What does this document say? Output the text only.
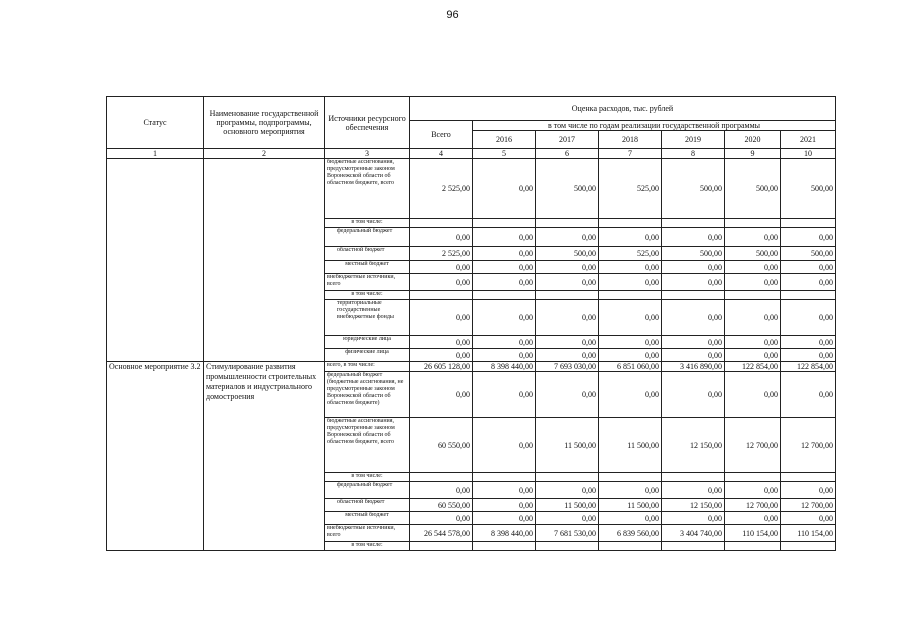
96
Статус	Наименование государственной программы, подпрограммы, основного мероприятия	Источники ресурсного обеспечения	Оценка расходов, тыс. рублей						
			Всего	в том числе по годам реализации государственной программы					
				2016	2017	2018	2019	2020	2021
1	2	3	4	5	6	7	8	9	10
		бюджетные ассигнования, предусмотренные законом Воронежской области об областном бюджете, всего	2 525,00	0,00	500,00	525,00	500,00	500,00	500,00
		в том числе:							
		федеральный бюджет	0,00	0,00	0,00	0,00	0,00	0,00	0,00
		областной бюджет	2 525,00	0,00	500,00	525,00	500,00	500,00	500,00
		местный бюджет	0,00	0,00	0,00	0,00	0,00	0,00	0,00
		внебюджетные источники, всего	0,00	0,00	0,00	0,00	0,00	0,00	0,00
		в том числе:							
		территориальные государственные внебюджетные фонды	0,00	0,00	0,00	0,00	0,00	0,00	0,00
		юридические лица	0,00	0,00	0,00	0,00	0,00	0,00	0,00
		физические лица	0,00	0,00	0,00	0,00	0,00	0,00	0,00
Основное мероприятие 3.2	Стимулирование развития промышленности строительных материалов и индустриального домостроения	всего, в том числе:	26 605 128,00	8 398 440,00	7 693 030,00	6 851 060,00	3 416 890,00	122 854,00	122 854,00
		федеральный бюджет (бюджетные ассигнования, не предусмотренные законом Воронежской области об областном бюджете)	0,00	0,00	0,00	0,00	0,00	0,00	0,00
		бюджетные ассигнования, предусмотренные законом Воронежской области об областном бюджете, всего	60 550,00	0,00	11 500,00	11 500,00	12 150,00	12 700,00	12 700,00
		в том числе:							
		федеральный бюджет	0,00	0,00	0,00	0,00	0,00	0,00	0,00
		областной бюджет	60 550,00	0,00	11 500,00	11 500,00	12 150,00	12 700,00	12 700,00
		местный бюджет	0,00	0,00	0,00	0,00	0,00	0,00	0,00
		внебюджетные источники, всего	26 544 578,00	8 398 440,00	7 681 530,00	6 839 560,00	3 404 740,00	110 154,00	110 154,00
		в том числе:							
